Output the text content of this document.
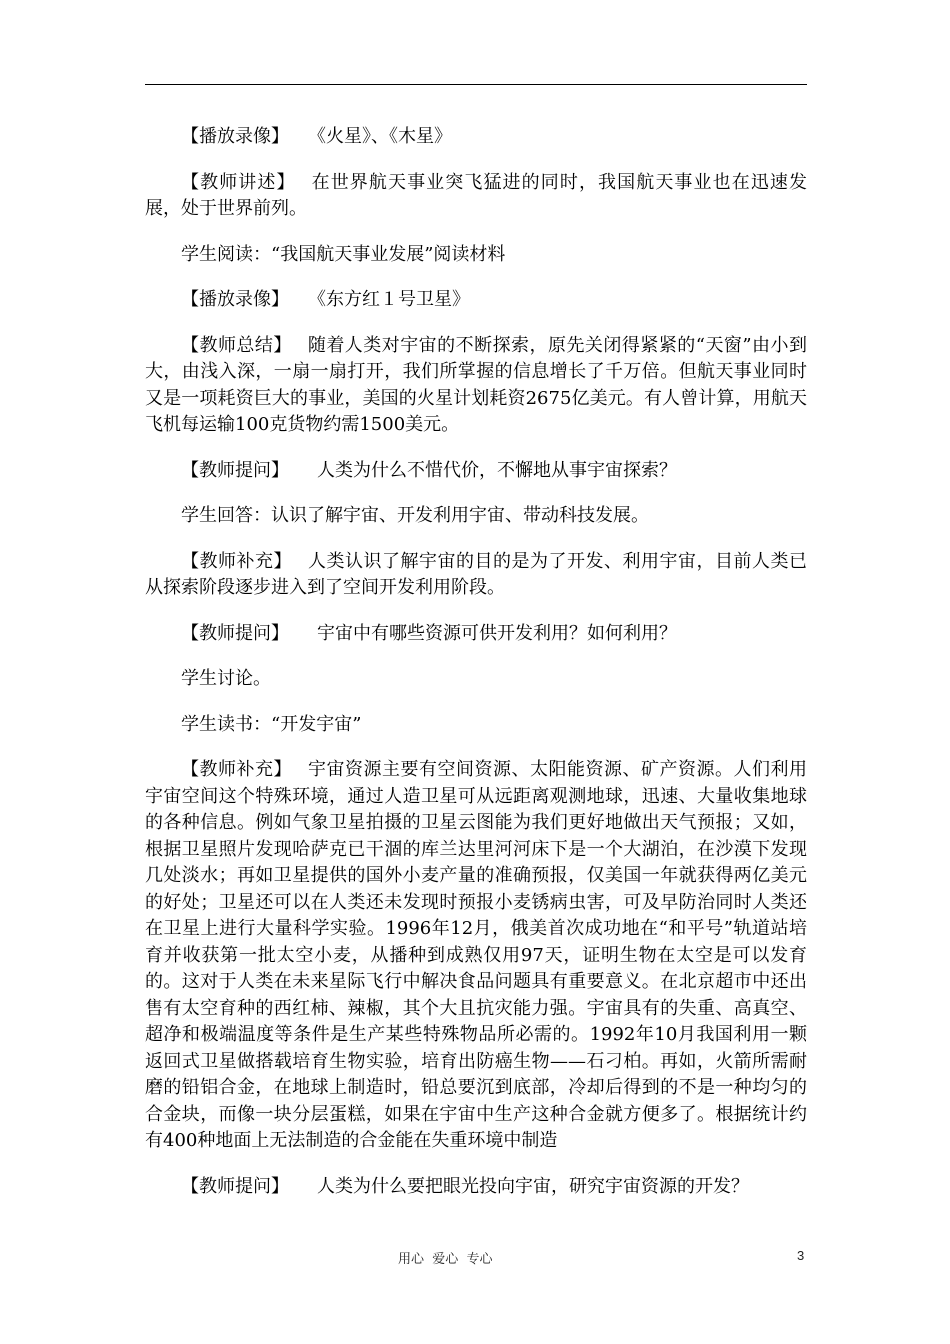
【播放录像】 《火星》、《木星》

【教师讲述】 在世界航天事业突飞猛进的同时，我国航天事业也在迅速发展，处于世界前列。

学生阅读：“我国航天事业发展”阅读材料

【播放录像】 《东方红１号卫星》

【教师总结】 随着人类对宇宙的不断探索，原先关闭得紧紧的“天窗”由小到大，由浅入深，一扇一扇打开，我们所掌握的信息增长了千万倍。但航天事业同时又是一项耗资巨大的事业，美国的火星计划耗资2675亿美元。有人曾计算，用航天飞机每运输100克货物约需1500美元。

【教师提问】 人类为什么不惜代价，不懈地从事宇宙探索？

学生回答：认识了解宇宙、开发利用宇宙、带动科技发展。

【教师补充】 人类认识了解宇宙的目的是为了开发、利用宇宙，目前人类已从探索阶段逐步进入到了空间开发利用阶段。

【教师提问】 宇宙中有哪些资源可供开发利用？如何利用？

学生讨论。

学生读书：“开发宇宙”

【教师补充】 宇宙资源主要有空间资源、太阳能资源、矿产资源。人们利用宇宙空间这个特殊环境，通过人造卫星可从远距离观测地球，迅速、大量收集地球的各种信息。例如气象卫星拍摄的卫星云图能为我们更好地做出天气预报；又如，根据卫星照片发现哈萨克已干涸的库兰达里河河床下是一个大湖泊，在沙漠下发现几处淡水；再如卫星提供的国外小麦产量的准确预报，仅美国一年就获得两亿美元的好处；卫星还可以在人类还未发现时预报小麦锈病虫害，可及早防治同时人类还在卫星上进行大量科学实验。1996年12月，俄美首次成功地在“和平号”轨道站培育并收获第一批太空小麦，从播种到成熟仅用97天，证明生物在太空是可以发育的。这对于人类在未来星际飞行中解决食品问题具有重要意义。在北京超市中还出售有太空育种的西红柿、辣椒，其个大且抗灾能力强。宇宙具有的失重、高真空、超净和极端温度等条件是生产某些特殊物品所必需的。1992年10月我国利用一颗返回式卫星做搭载培育生物实验，培育出防癌生物——石刁柏。再如，火箭所需耐磨的铅铝合金，在地球上制造时，铅总要沉到底部，冷却后得到的不是一种均匀的合金块，而像一块分层蛋糕，如果在宇宙中生产这种合金就方便多了。根据统计约有400种地面上无法制造的合金能在失重环境中制造

【教师提问】 人类为什么要把眼光投向宇宙，研究宇宙资源的开发？

用心  爱心  专心	3
